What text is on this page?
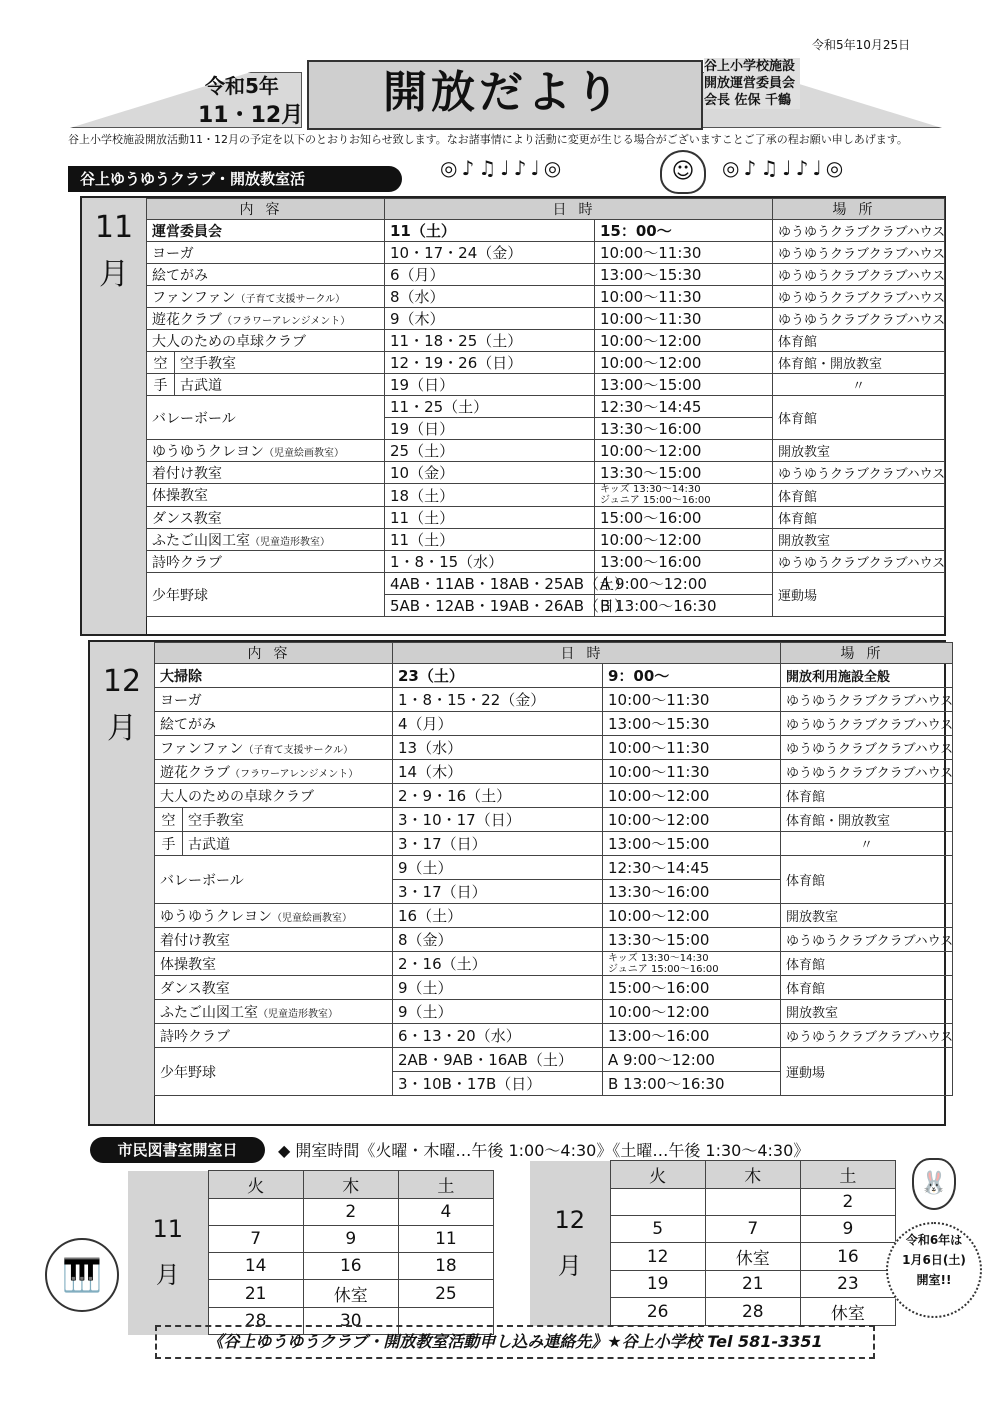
令和5年10月25日
令和5年
11・12月	開放だより
谷上小学校施設
開放運営委員会
会長 佐保 千鶴
谷上小学校施設開放活動11・12月の予定を以下のとおりお知らせ致します。なお諸事情により活動に変更が生じる場合がございますことご了承の程お願い申しあげます。
谷上ゆうゆうクラブ・開放教室活	◎♪♫♩♪♩◎	☺	◎♪♫♩♪♩◎
11
月
内容		日時		場所
運営委員会		11（土）	15：00～	ゆうゆうクラブクラブハウス
ヨーガ		10・17・24（金）	10:00～11:30	ゆうゆうクラブクラブハウス
絵てがみ		6（月）	13:00～15:30	ゆうゆうクラブクラブハウス
ファンファン（子育て支援サークル）		8（水）	10:00～11:30	ゆうゆうクラブクラブハウス
遊花クラブ（フラワーアレンジメント）		9（木）	10:00～11:30	ゆうゆうクラブクラブハウス
大人のための卓球クラブ		11・18・25（土）	10:00～12:00	体育館
空	空手教室	12・19・26（日）	10:00～12:00	体育館・開放教室
手	古武道	19（日）	13:00～15:00	〃
バレーボール		11・25（土）	12:30～14:45	体育館
		19（日）	13:30～16:00	
ゆうゆうクレヨン（児童絵画教室）		25（土）	10:00～12:00	開放教室
着付け教室		10（金）	13:30～15:00	ゆうゆうクラブクラブハウス
体操教室		18（土）	キッズ 13:30～14:30
ジュニア 15:00～16:00	体育館
ダンス教室		11（土）	15:00～16:00	体育館
ふたご山図工室（児童造形教室）		11（土）	10:00～12:00	開放教室
詩吟クラブ		1・8・15（水）	13:00～16:00	ゆうゆうクラブクラブハウス
少年野球		4AB・11AB・18AB・25AB（土）	A 9:00～12:00	運動場
		5AB・12AB・19AB・26AB（日）	B 13:00～16:30	
12
月
内容		日時		場所
大掃除		23（土）	9：00～	開放利用施設全般
ヨーガ		1・8・15・22（金）	10:00～11:30	ゆうゆうクラブクラブハウス
絵てがみ		4（月）	13:00～15:30	ゆうゆうクラブクラブハウス
ファンファン（子育て支援サークル）		13（水）	10:00～11:30	ゆうゆうクラブクラブハウス
遊花クラブ（フラワーアレンジメント）		14（木）	10:00～11:30	ゆうゆうクラブクラブハウス
大人のための卓球クラブ		2・9・16（土）	10:00～12:00	体育館
空	空手教室	3・10・17（日）	10:00～12:00	体育館・開放教室
手	古武道	3・17（日）	13:00～15:00	〃
バレーボール		9（土）	12:30～14:45	体育館
		3・17（日）	13:30～16:00	
ゆうゆうクレヨン（児童絵画教室）		16（土）	10:00～12:00	開放教室
着付け教室		8（金）	13:30～15:00	ゆうゆうクラブクラブハウス
体操教室		2・16（土）	キッズ 13:30～14:30
ジュニア 15:00～16:00	体育館
ダンス教室		9（土）	15:00～16:00	体育館
ふたご山図工室（児童造形教室）		9（土）	10:00～12:00	開放教室
詩吟クラブ		6・13・20（水）	13:00～16:00	ゆうゆうクラブクラブハウス
少年野球		2AB・9AB・16AB（土）	A 9:00～12:00	運動場
		3・10B・17B（日）	B 13:00～16:30	
市民図書室開室日	◆ 開室時間《火曜・木曜…午後 1:00～4:30》《土曜…午後 1:30～4:30》
11
月	火	木	土
		2	4
	7	9	11
	14	16	18
	21	休室	25
	28	30	
12
月	火	木	土
			2
	5	7	9
	12	休室	16
	19	21	23
	26	28	休室
🎹
🐰
令和6年は
1月6日(土)
開室!!
《谷上ゆうゆうクラブ・開放教室活動申し込み連絡先》★谷上小学校 Tel 581-3351
